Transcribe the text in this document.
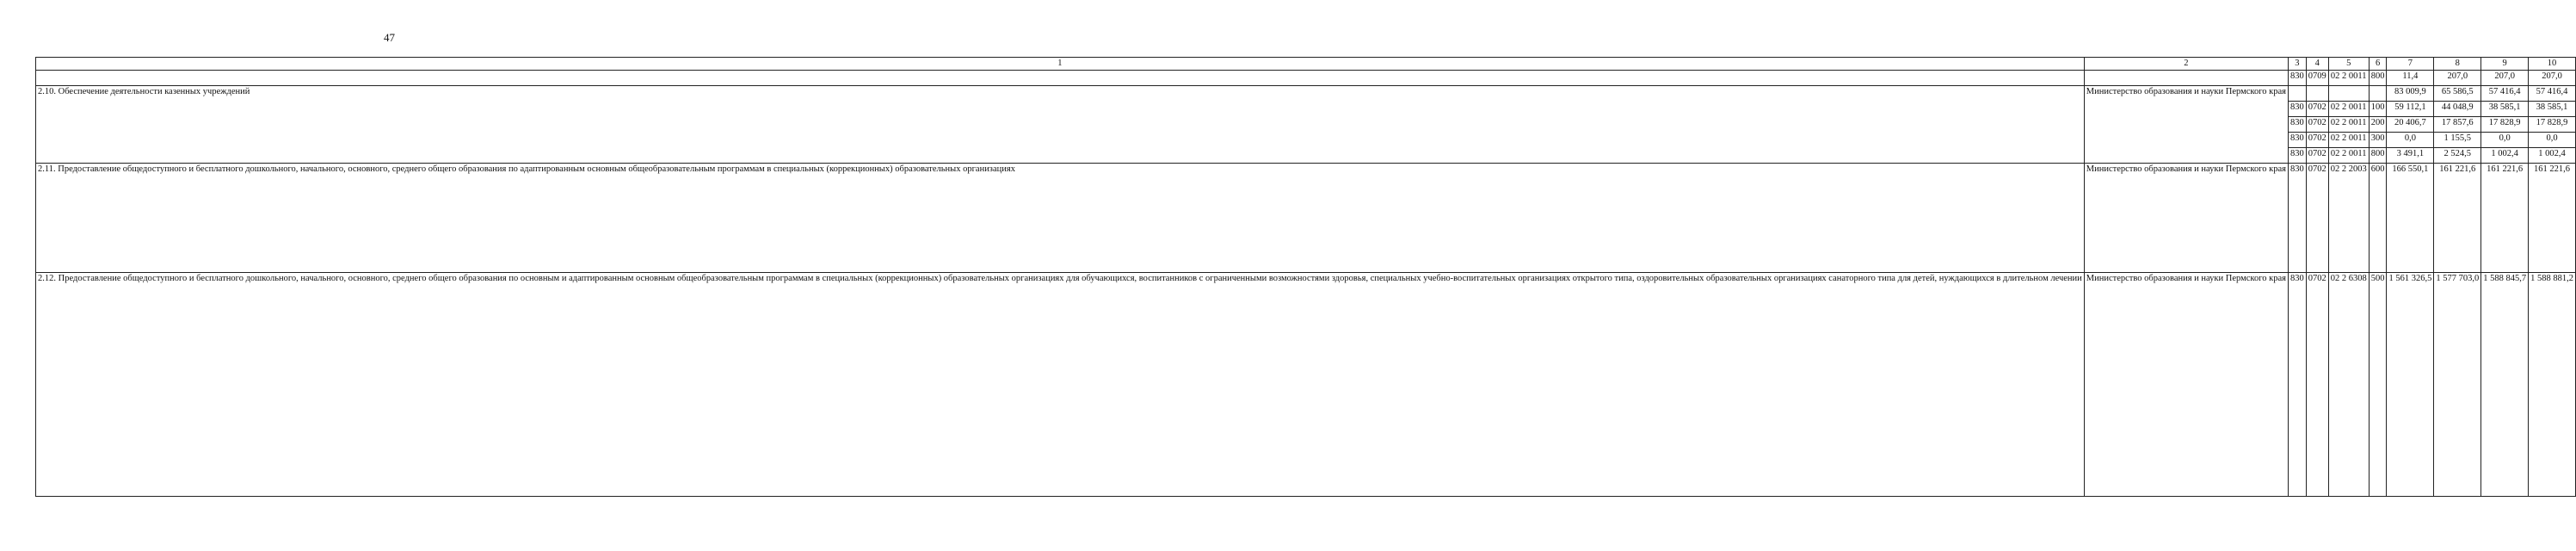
47
1	2	3	4	5	6	7	8	9	10
		830	0709	02 2 0011	800	11,4	207,0	207,0	207,0
2.10. Обеспечение деятельности казенных учреждений	Министерство образования и науки Пермского края					83 009,9	65 586,5	57 416,4	57 416,4
		830	0702	02 2 0011	100	59 112,1	44 048,9	38 585,1	38 585,1
		830	0702	02 2 0011	200	20 406,7	17 857,6	17 828,9	17 828,9
		830	0702	02 2 0011	300	0,0	1 155,5	0,0	0,0
		830	0702	02 2 0011	800	3 491,1	2 524,5	1 002,4	1 002,4
2.11. Предоставление общедоступного и бесплатного дошкольного, начального, основного, среднего общего образования по адаптированным основным общеобразовательным программам в специальных (коррекционных) образовательных организациях	Министерство образования и науки Пермского края	830	0702	02 2 2003	600	166 550,1	161 221,6	161 221,6	161 221,6
2.12. Предоставление общедоступного и бесплатного дошкольного, начального, основного, среднего общего образования по основным и адаптированным основным общеобразовательным программам в специальных (коррекционных) образовательных организациях для обучающихся, воспитанников с ограниченными возможностями здоровья, специальных учебно-воспитательных организациях открытого типа, оздоровительных образовательных организациях санаторного типа для детей, нуждающихся в длительном лечении	Министерство образования и науки Пермского края	830	0702	02 2 6308	500	1 561 326,5	1 577 703,0	1 588 845,7	1 588 881,2
